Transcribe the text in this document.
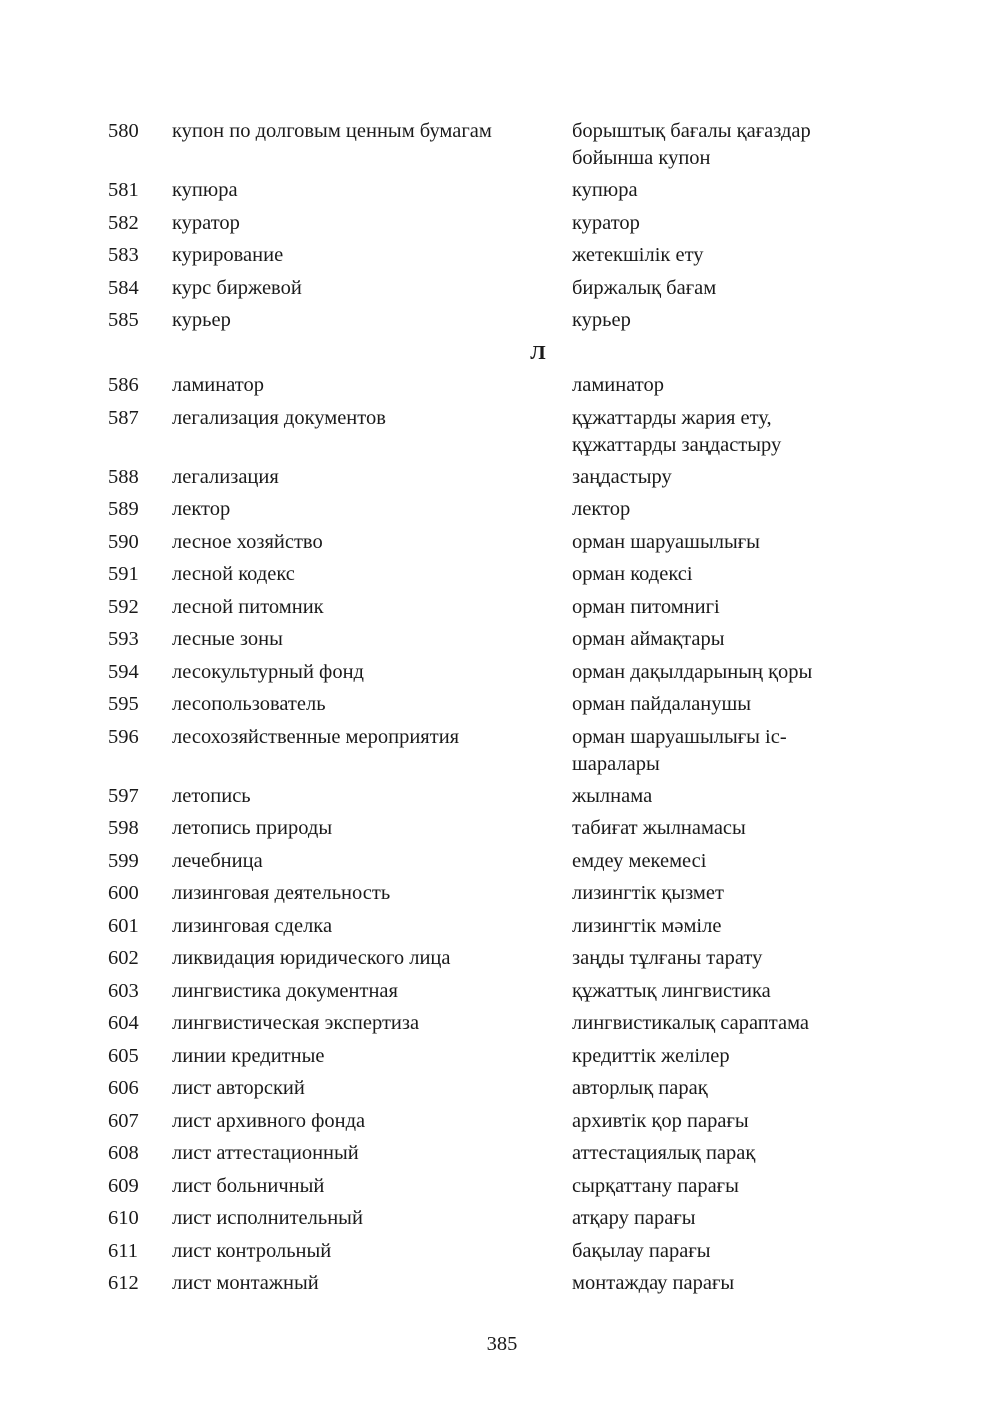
580	купон по долговым ценным бумагам	борыштық бағалы қағаздар бойынша купон
581	купюра	купюра
582	куратор	куратор
583	курирование	жетекшілік ету
584	курс биржевой	биржалық бағам
585	курьер	курьер
Л
586	ламинатор	ламинатор
587	легализация документов	құжаттарды жария ету, құжаттарды заңдастыру
588	легализация	заңдастыру
589	лектор	лектор
590	лесное хозяйство	орман шаруашылығы
591	лесной кодекс	орман кодексі
592	лесной питомник	орман питомнигі
593	лесные зоны	орман аймақтары
594	лесокультурный фонд	орман дақылдарының қоры
595	лесопользователь	орман пайдаланушы
596	лесохозяйственные мероприятия	орман шаруашылығы іс-шаралары
597	летопись	жылнама
598	летопись природы	табиғат жылнамасы
599	лечебница	емдеу мекемесі
600	лизинговая деятельность	лизингтік қызмет
601	лизинговая сделка	лизингтік мәміле
602	ликвидация юридического лица	заңды тұлғаны тарату
603	лингвистика документная	құжаттық лингвистика
604	лингвистическая экспертиза	лингвистикалық сараптама
605	линии кредитные	кредиттік желілер
606	лист авторский	авторлық парақ
607	лист архивного фонда	архивтік қор парағы
608	лист аттестационный	аттестациялық парақ
609	лист больничный	сырқаттану парағы
610	лист исполнительный	атқару парағы
611	лист контрольный	бақылау парағы
612	лист монтажный	монтаждау парағы
385
